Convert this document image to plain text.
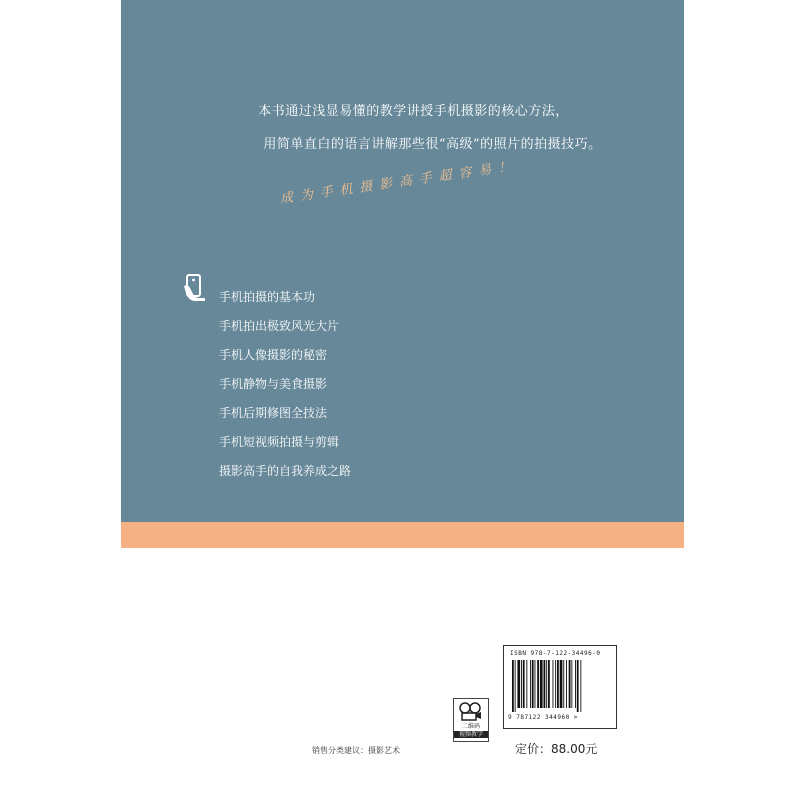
本书通过浅显易懂的教学讲授手机摄影的核心方法，
用简单直白的语言讲解那些很“高级”的照片的拍摄技巧。
成为手机摄影高手超容易！
手机拍摄的基本功
手机拍出极致风光大片
手机人像摄影的秘密
手机静物与美食摄影
手机后期修图全技法
手机短视频拍摄与剪辑
摄影高手的自我养成之路
二维码
视频教学
销售分类建议：摄影艺术
ISBN 978-7-122-34496-0
9 787122 344960 >
定价：88.00元
